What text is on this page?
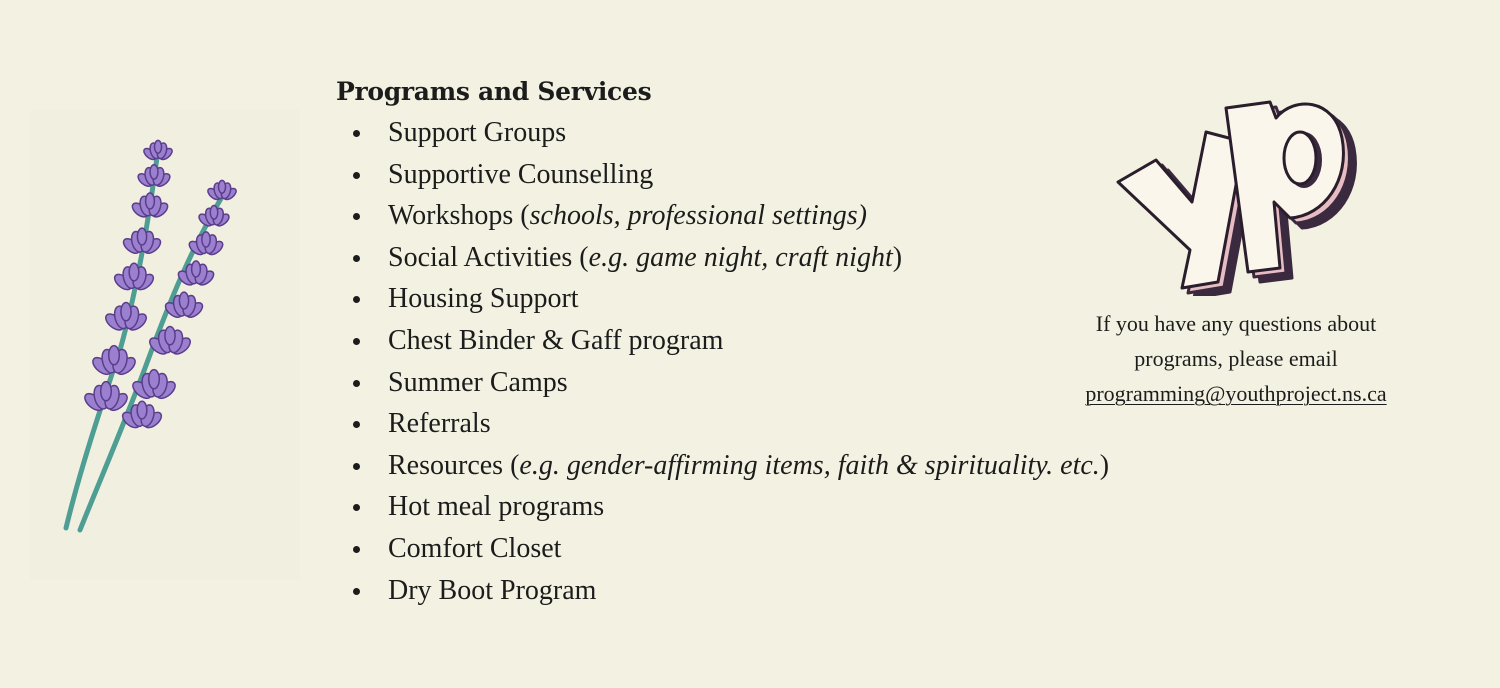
Programs and Services
Support Groups
Supportive Counselling
Workshops (schools, professional settings)
Social Activities (e.g. game night, craft night)
Housing Support
Chest Binder & Gaff program
Summer Camps
Referrals
Resources (e.g. gender-affirming items, faith & spirituality. etc.)
Hot meal programs
Comfort Closet
Dry Boot Program
If you have any questions about
programs, please email
programming@youthproject.ns.ca
